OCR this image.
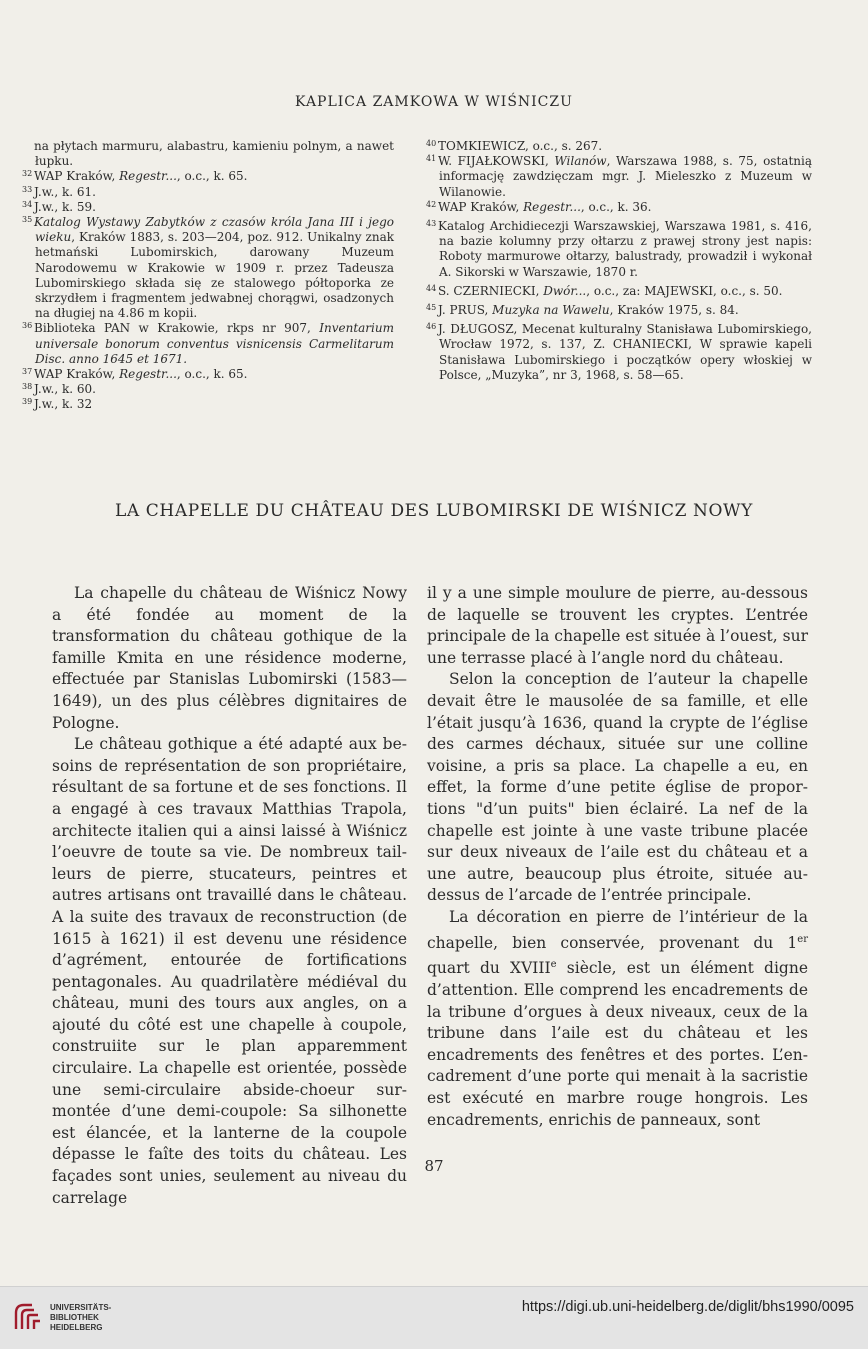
KAPLICA ZAMKOWA W WIŚNICZU
na płytach marmuru, alabastru, kamieniu polnym, a nawet łupku.
$^{32}$ WAP Kraków, Regestr..., o.c., k. 65.
$^{33}$ J.w., k. 61.
$^{34}$ J.w., k. 59.
$^{35}$ Katalog Wystawy Zabytków z czasów króla Jana III i jego wieku, Kraków 1883, s. 203—204, poz. 912. Unikalny znak hetmański Lubomirskich, darowany Muzeum Narodowemu w Krakowie w 1909 r. przez Tadeusza Lubomirskiego składa się ze stalowego półtoporka ze skrzydłem i fragmentem jedwabnej chorągwi, osadzonych na długiej na 4.86 m kopii.
$^{36}$ Biblioteka PAN w Krakowie, rkps nr 907, Inventarium universale bonorum conventus visnicensis Carmelitarum Disc. anno 1645 et 1671.
$^{37}$ WAP Kraków, Regestr..., o.c., k. 65.
$^{38}$ J.w., k. 60.
$^{39}$ J.w., k. 32
$^{40}$ TOMKIEWICZ, o.c., s. 267.
$^{41}$ W. FIJAŁKOWSKI, Wilanów, Warszawa 1988, s. 75, ostatnią informację zawdzięczam mgr. J. Mieleszko z Muzeum w Wilanowie.
$^{42}$ WAP Kraków, Regestr..., o.c., k. 36.
$^{43}$ Katalog Archidiecezji Warszawskiej, Warszawa 1981, s. 416, na bazie kolumny przy ołtarzu z prawej strony jest napis: Roboty marmurowe ołtarzy, balustrady, prowadził i wykonał A. Sikorski w Warszawie, 1870 r.
$^{44}$ S. CZERNIECKI, Dwór..., o.c., za: MAJEWSKI, o.c., s. 50.
$^{45}$ J. PRUS, Muzyka na Wawelu, Kraków 1975, s. 84.
$^{46}$ J. DŁUGOSZ, Mecenat kulturalny Stanisława Lubomirskiego, Wrocław 1972, s. 137, Z. CHANIECKI, W sprawie kapeli Stanisława Lubomirskiego i początków opery włoskiej w Polsce, „Muzyka”, nr 3, 1968, s. 58—65.
LA CHAPELLE DU CHÂTEAU DES LUBOMIRSKI DE WIŚNICZ NOWY

La chapelle du château de Wiśnicz Nowy a été fondée au moment de la transformation du château gothique de la famille Kmita en une résidence moderne, effectuée par Stanislas Lubomirski (1583—1649), un des plus célèbres dignitaires de Pologne.

Le château gothique a été adapté aux besoins de représentation de son propriétaire, résultant de sa fortune et de ses fonctions. Il a engagé à ces travaux Matthias Trapola, architecte italien qui a ainsi laissé à Wiśnicz l’oeuvre de toute sa vie. De nombreux tailleurs de pierre, stucateurs, peintres et autres artisans ont travaillé dans le château. A la suite des travaux de reconstruction (de 1615 à 1621) il est devenu une résidence d’agrément, entourée de fortifications pentagonales. Au quadrilatère médiéval du château, muni des tours aux angles, on a ajouté du côté est une chapelle à coupole, construiite sur le plan apparemment circulaire. La chapelle est orientée, possède une semi-circulaire abside-choeur surmontée d’une demi-coupole: Sa silhonette est élancée, et la lanterne de la coupole dépasse le faîte des toits du château. Les façades sont unies, seulement au niveau du carrelage

il y a une simple moulure de pierre, au-dessous de laquelle se trouvent les cryptes. L’entrée principale de la chapelle est située à l’ouest, sur une terrasse placé à l’angle nord du château.

Selon la conception de l’auteur la chapelle devait être le mausolée de sa famille, et elle l’était jusqu’à 1636, quand la crypte de l’église des carmes déchaux, située sur une colline voisine, a pris sa place. La chapelle a eu, en effet, la forme d’une petite église de proportions "d’un puits" bien éclairé. La nef de la chapelle est jointe à une vaste tribune placée sur deux niveaux de l’aile est du château et a une autre, beaucoup plus étroite, située au-dessus de l’arcade de l’entrée principale.

La décoration en pierre de l’intérieur de la chapelle, bien conservée, provenant du 1er quart du XVIIIe siècle, est un élément digne d’attention. Elle comprend les encadrements de la tribune d’orgues à deux niveaux, ceux de la tribune dans l’aile est du château et les encadrements des fenêtres et des portes. L’encadrement d’une porte qui menait à la sacristie est exécuté en marbre rouge hongrois. Les encadrements, enrichis de panneaux, sont

87
UNIVERSITÄTS-
BIBLIOTHEK
HEIDELBERG
https://digi.ub.uni-heidelberg.de/diglit/bhs1990/0095
